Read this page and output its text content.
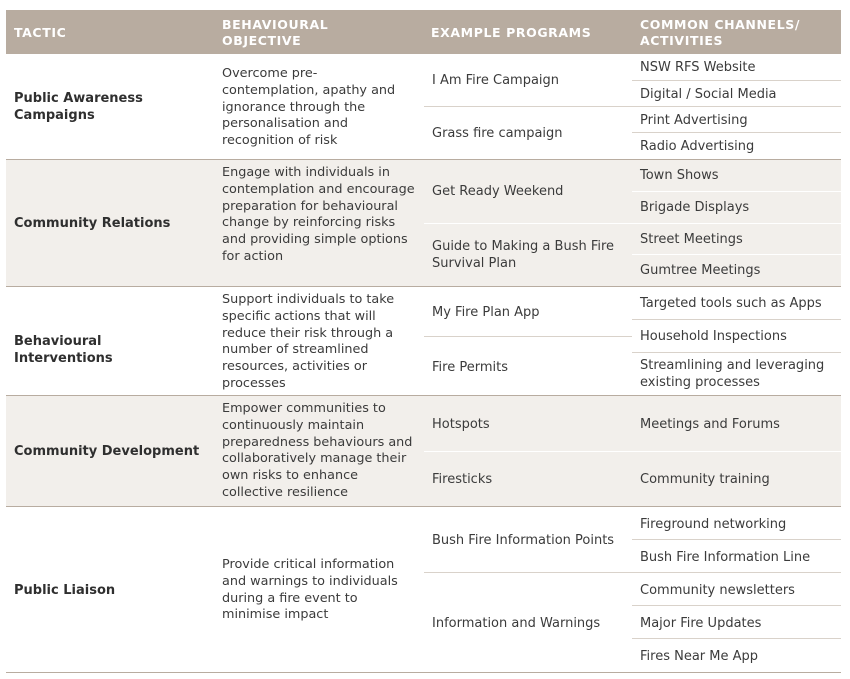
TACTIC
BEHAVIOURAL OBJECTIVE
EXAMPLE PROGRAMS
COMMON CHANNELS/ ACTIVITIES
Public Awareness Campaigns
Overcome pre-contemplation, apathy and ignorance through the personalisation and recognition of risk
I Am Fire Campaign
Grass fire campaign
NSW RFS Website
Digital / Social Media
Print Advertising
Radio Advertising
Community Relations
Engage with individuals in contemplation and encourage preparation for behavioural change by reinforcing risks and providing simple options for action
Get Ready Weekend
Guide to Making a Bush Fire Survival Plan
Town Shows
Brigade Displays
Street Meetings
Gumtree Meetings
Behavioural Interventions
Support individuals to take specific actions that will reduce their risk through a number of streamlined resources, activities or processes
My Fire Plan App
Fire Permits
Targeted tools such as Apps
Household Inspections
Streamlining and leveraging existing processes
Community Development
Empower communities to continuously maintain preparedness behaviours and collaboratively manage their own risks to enhance collective resilience
Hotspots
Firesticks
Meetings and Forums
Community training
Public Liaison
Provide critical information and warnings to individuals during a fire event to minimise impact
Bush Fire Information Points
Information and Warnings
Fireground networking
Bush Fire Information Line
Community newsletters
Major Fire Updates
Fires Near Me App
